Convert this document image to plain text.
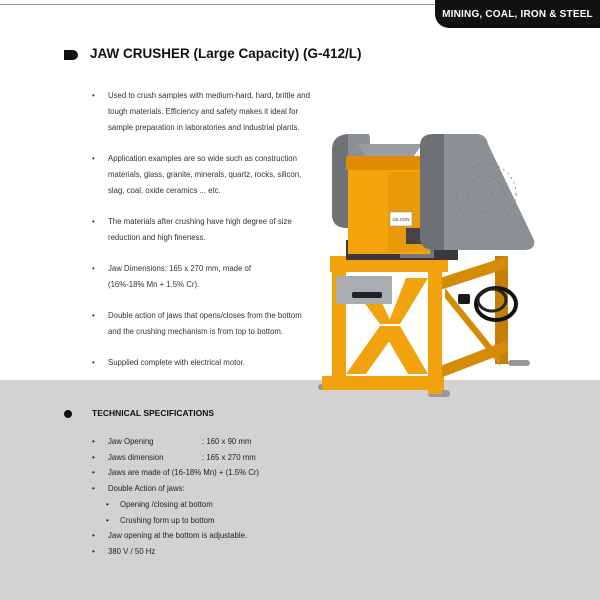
MINING, COAL, IRON & STEEL
JAW CRUSHER (Large Capacity) (G-412/L)
• Used to crush samples with medium-hard, hard, brittle and
tough materials. Efficiency and safety makes it ideal for
sample preparation in laboratories and industrial plants.
• Application examples are so wide such as construction
materials, glass, granite, minerals, quartz, rocks, silicon,
slag, coal, oxide ceramics ... etc.
• The materials after crushing have high degree of size
reduction and high fineness.
• Jaw Dimensions: 165 x 270 mm, made of
(16%-18% Mn + 1.5% Cr).
• Double action of jaws that opens/closes from the bottom
and the crushing mechanism is from top to bottom.
• Supplied complete with electrical motor.
GILSON
TECHNICAL SPECIFICATIONS
• Jaw Opening	: 160 x 90 mm
• Jaws dimension	: 165 x 270 mm
• Jaws are made of (16-18% Mn) + (1.5% Cr)
• Double Action of jaws:
• Opening /closing at bottom
• Crushing form up to bottom
• Jaw opening at the bottom is adjustable.
• 380 V / 50 Hz
